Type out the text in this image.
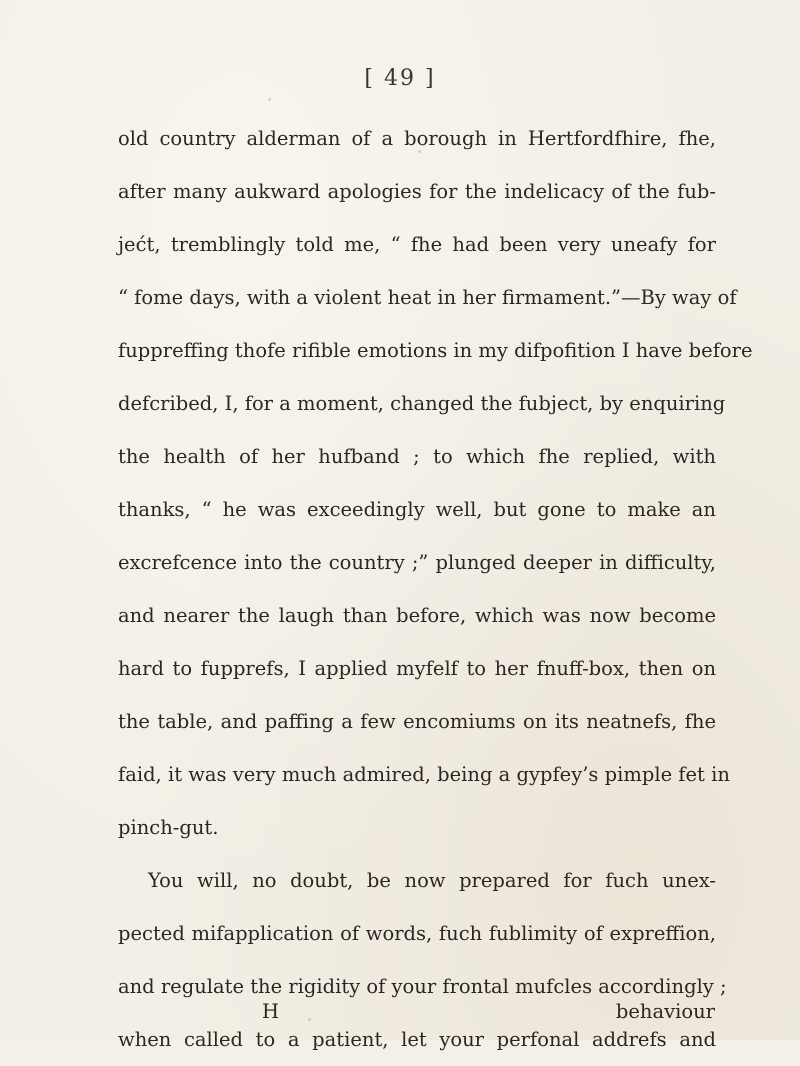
[ 49 ]
old country alderman of a borough in Hertfordfhire, fhe,
after many aukward apologies for the indelicacy of the fub-
jećt, tremblingly told me, “ fhe had been very uneafy for
“ fome days, with a violent heat in her firmament.”—By way of
fuppreffing thofe rifible emotions in my difpofition I have before
defcribed, I, for a moment, changed the fubject, by enquiring
the health of her hufband ; to which fhe replied, with
thanks, “ he was exceedingly well, but gone to make an
excrefcence into the country ;” plunged deeper in difficulty,
and nearer the laugh than before, which was now become
hard to fupprefs, I applied myfelf to her fnuff-box, then on
the table, and paffing a few encomiums on its neatnefs, fhe
faid, it was very much admired, being a gypfey’s pimple fet in
pinch-gut.
You will, no doubt, be now prepared for fuch unex-
pected mifapplication of words, fuch fublimity of expreffion,
and regulate the rigidity of your frontal mufcles accordingly ;
when called to a patient, let your perfonal addrefs and
H	behaviour
